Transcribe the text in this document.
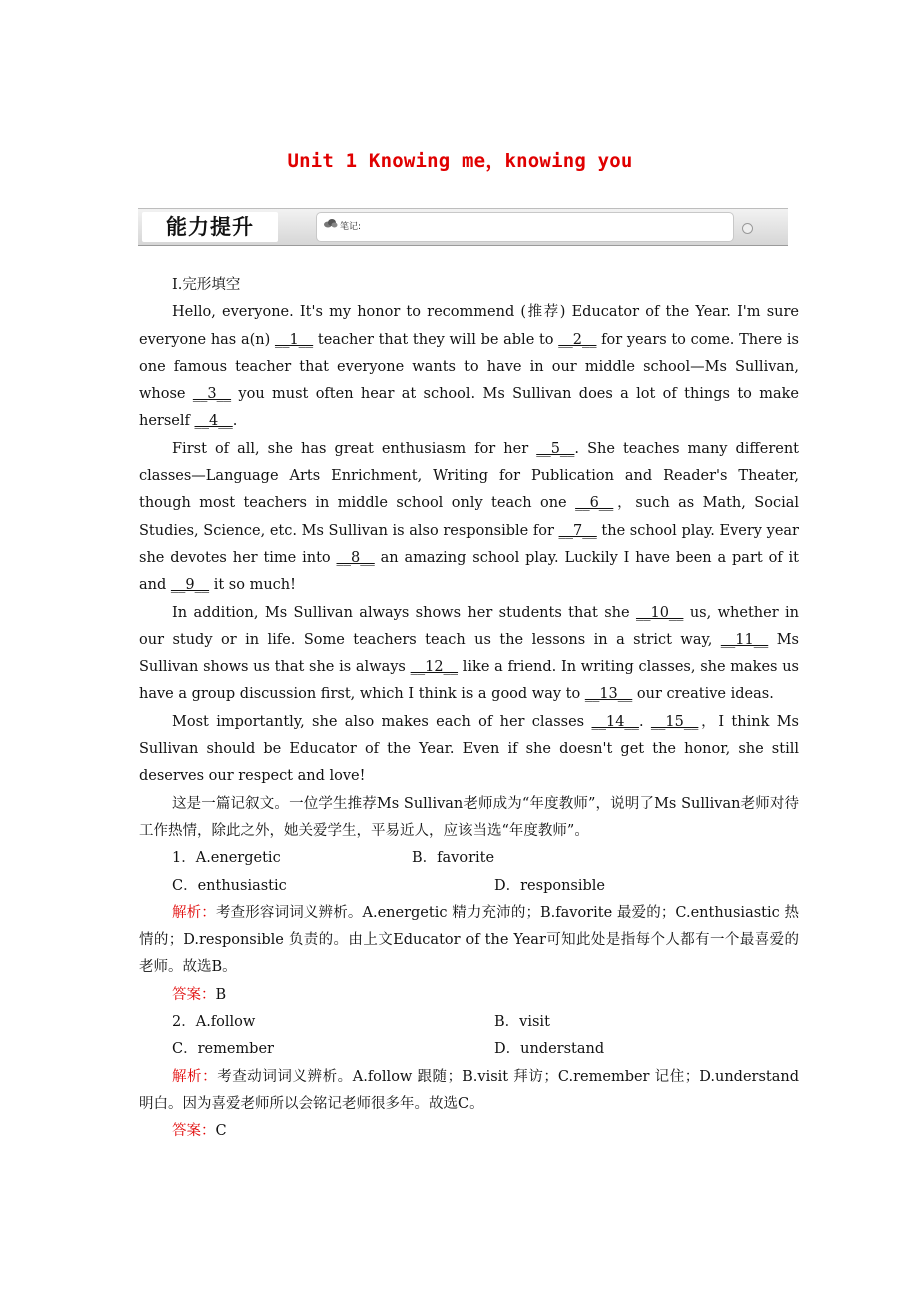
Unit 1 Knowing me，knowing you
能力提升	笔记:

Ⅰ.完形填空

Hello, everyone. It's my honor to recommend (推荐) Educator of the Year. I'm sure everyone has a(n) __1__ teacher that they will be able to __2__ for years to come. There is one famous teacher that everyone wants to have in our middle school—Ms Sullivan, whose __3__ you must often hear at school. Ms Sullivan does a lot of things to make herself __4__.

First of all, she has great enthusiasm for her __5__. She teaches many different classes—Language Arts Enrichment, Writing for Publication and Reader's Theater, though most teachers in middle school only teach one __6__，such as Math, Social Studies, Science, etc. Ms Sullivan is also responsible for __7__ the school play. Every year she devotes her time into __8__ an amazing school play. Luckily I have been a part of it and __9__ it so much!

In addition, Ms Sullivan always shows her students that she __10__ us, whether in our study or in life. Some teachers teach us the lessons in a strict way, __11__ Ms Sullivan shows us that she is always __12__ like a friend. In writing classes, she makes us have a group discussion first, which I think is a good way to __13__ our creative ideas.

Most importantly, she also makes each of her classes __14__. __15__，I think Ms Sullivan should be Educator of the Year. Even if she doesn't get the honor, she still deserves our respect and love!

这是一篇记叙文。一位学生推荐Ms Sullivan老师成为“年度教师”，说明了Ms Sullivan老师对待工作热情，除此之外，她关爱学生，平易近人，应该当选“年度教师”。

1．A.energetic	B．favorite
C．enthusiastic	D．responsible

解析：考查形容词词义辨析。A.energetic 精力充沛的；B.favorite 最爱的；C.enthusiastic 热情的；D.responsible 负责的。由上文Educator of the Year可知此处是指每个人都有一个最喜爱的老师。故选B。

答案：B

2．A.follow	B．visit
C．remember	D．understand

解析：考查动词词义辨析。A.follow 跟随；B.visit 拜访；C.remember 记住；D.understand 明白。因为喜爱老师所以会铭记老师很多年。故选C。

答案：C
